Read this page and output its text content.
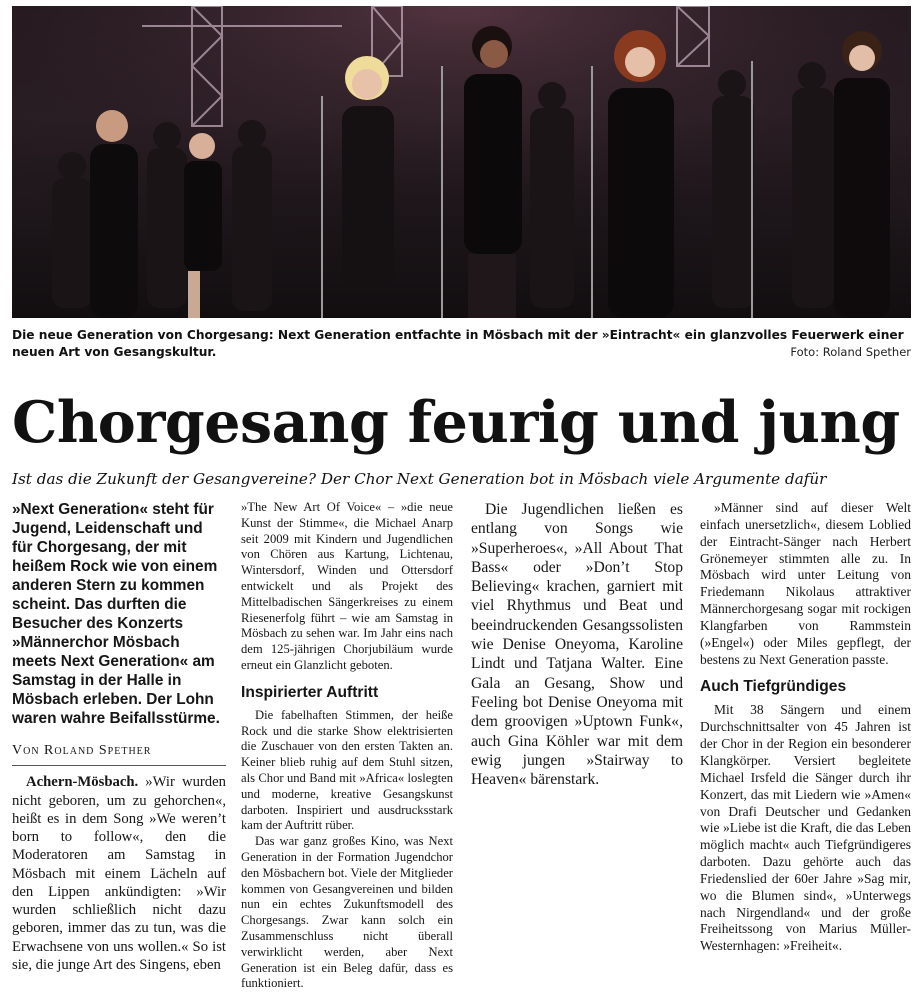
Die neue Generation von Chorgesang: Next Generation entfachte in Mösbach mit der »Eintracht« ein glanzvolles Feuerwerk einer neuen Art von Gesangskultur.	Foto: Roland Spether
Chorgesang feurig und jung
Ist das die Zukunft der Gesangvereine? Der Chor Next Generation bot in Mösbach viele Argumente dafür

»Next Generation« steht für Jugend, Leidenschaft und für Chorgesang, der mit heißem Rock wie von einem anderen Stern zu kommen scheint. Das durften die Besucher des Konzerts »Männerchor Mösbach meets Next Generation« am Samstag in der Halle in Mösbach erleben. Der Lohn waren wahre Beifallsstürme.

Von Roland Spether

Achern-Mösbach. »Wir wurden nicht geboren, um zu gehorchen«, heißt es in dem Song »We weren’t born to follow«, den die Moderatoren am Samstag in Mösbach mit einem Lächeln auf den Lippen ankündigten: »Wir wurden schließlich nicht dazu geboren, immer das zu tun, was die Erwachsene von uns wollen.« So ist sie, die junge Art des Singens, eben

»The New Art Of Voice« – »die neue Kunst der Stimme«, die Michael Anarp seit 2009 mit Kindern und Jugendlichen von Chören aus Kartung, Lichtenau, Wintersdorf, Winden und Ottersdorf entwickelt und als Projekt des Mittelbadischen Sängerkreises zu einem Riesenerfolg führt – wie am Samstag in Mösbach zu sehen war. Im Jahr eins nach dem 125-jährigen Chorjubiläum wurde erneut ein Glanzlicht geboten.

Inspirierter Auftritt

Die fabelhaften Stimmen, der heiße Rock und die starke Show elektrisierten die Zuschauer von den ersten Takten an. Keiner blieb ruhig auf dem Stuhl sitzen, als Chor und Band mit »Africa« loslegten und moderne, kreative Gesangskunst darboten. Inspiriert und ausdrucksstark kam der Auftritt rüber.

Das war ganz großes Kino, was Next Generation in der Formation Jugendchor den Mösbachern bot. Viele der Mitglieder kommen von Gesangvereinen und bilden nun ein echtes Zukunftsmodell des Chorgesangs. Zwar kann solch ein Zusammenschluss nicht überall verwirklicht werden, aber Next Generation ist ein Beleg dafür, dass es funktioniert.

Die Jugendlichen ließen es entlang von Songs wie »Superheroes«, »All About That Bass« oder »Don’t Stop Believing« krachen, garniert mit viel Rhythmus und Beat und beeindruckenden Gesangssolisten wie Denise Oneyoma, Karoline Lindt und Tatjana Walter. Eine Gala an Gesang, Show und Feeling bot Denise Oneyoma mit dem groovigen »Uptown Funk«, auch Gina Köhler war mit dem ewig jungen »Stairway to Heaven« bärenstark.

»Männer sind auf dieser Welt einfach unersetzlich«, diesem Loblied der Eintracht-Sänger nach Herbert Grönemeyer stimmten alle zu. In Mösbach wird unter Leitung von Friedemann Nikolaus attraktiver Männerchorgesang sogar mit rockigen Klangfarben von Rammstein (»Engel«) oder Miles gepflegt, der bestens zu Next Generation passte.

Auch Tiefgründiges

Mit 38 Sängern und einem Durchschnittsalter von 45 Jahren ist der Chor in der Region ein besonderer Klangkörper. Versiert begleitete Michael Irsfeld die Sänger durch ihr Konzert, das mit Liedern wie »Amen« von Drafi Deutscher und Gedanken wie »Liebe ist die Kraft, die das Leben möglich macht« auch Tiefgründigeres darboten. Dazu gehörte auch das Friedenslied der 60er Jahre »Sag mir, wo die Blumen sind«, »Unterwegs nach Nirgendland« und der große Freiheitssong von Marius Müller-Westernhagen: »Freiheit«.
